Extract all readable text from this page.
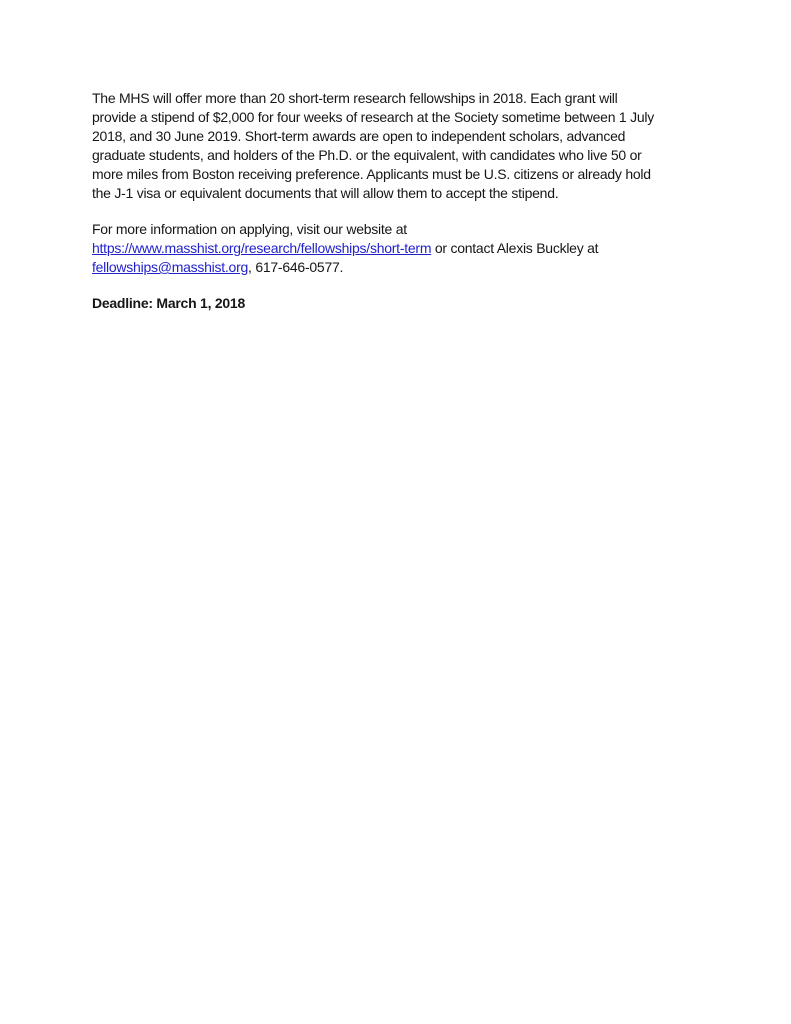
The MHS will offer more than 20 short-term research fellowships in 2018. Each grant will
provide a stipend of $2,000 for four weeks of research at the Society sometime between 1 July
2018, and 30 June 2019. Short-term awards are open to independent scholars, advanced
graduate students, and holders of the Ph.D. or the equivalent, with candidates who live 50 or
more miles from Boston receiving preference. Applicants must be U.S. citizens or already hold
the J-1 visa or equivalent documents that will allow them to accept the stipend.
For more information on applying, visit our website at
https://www.masshist.org/research/fellowships/short-term or contact Alexis Buckley at
fellowships@masshist.org, 617-646-0577.
Deadline: March 1, 2018
